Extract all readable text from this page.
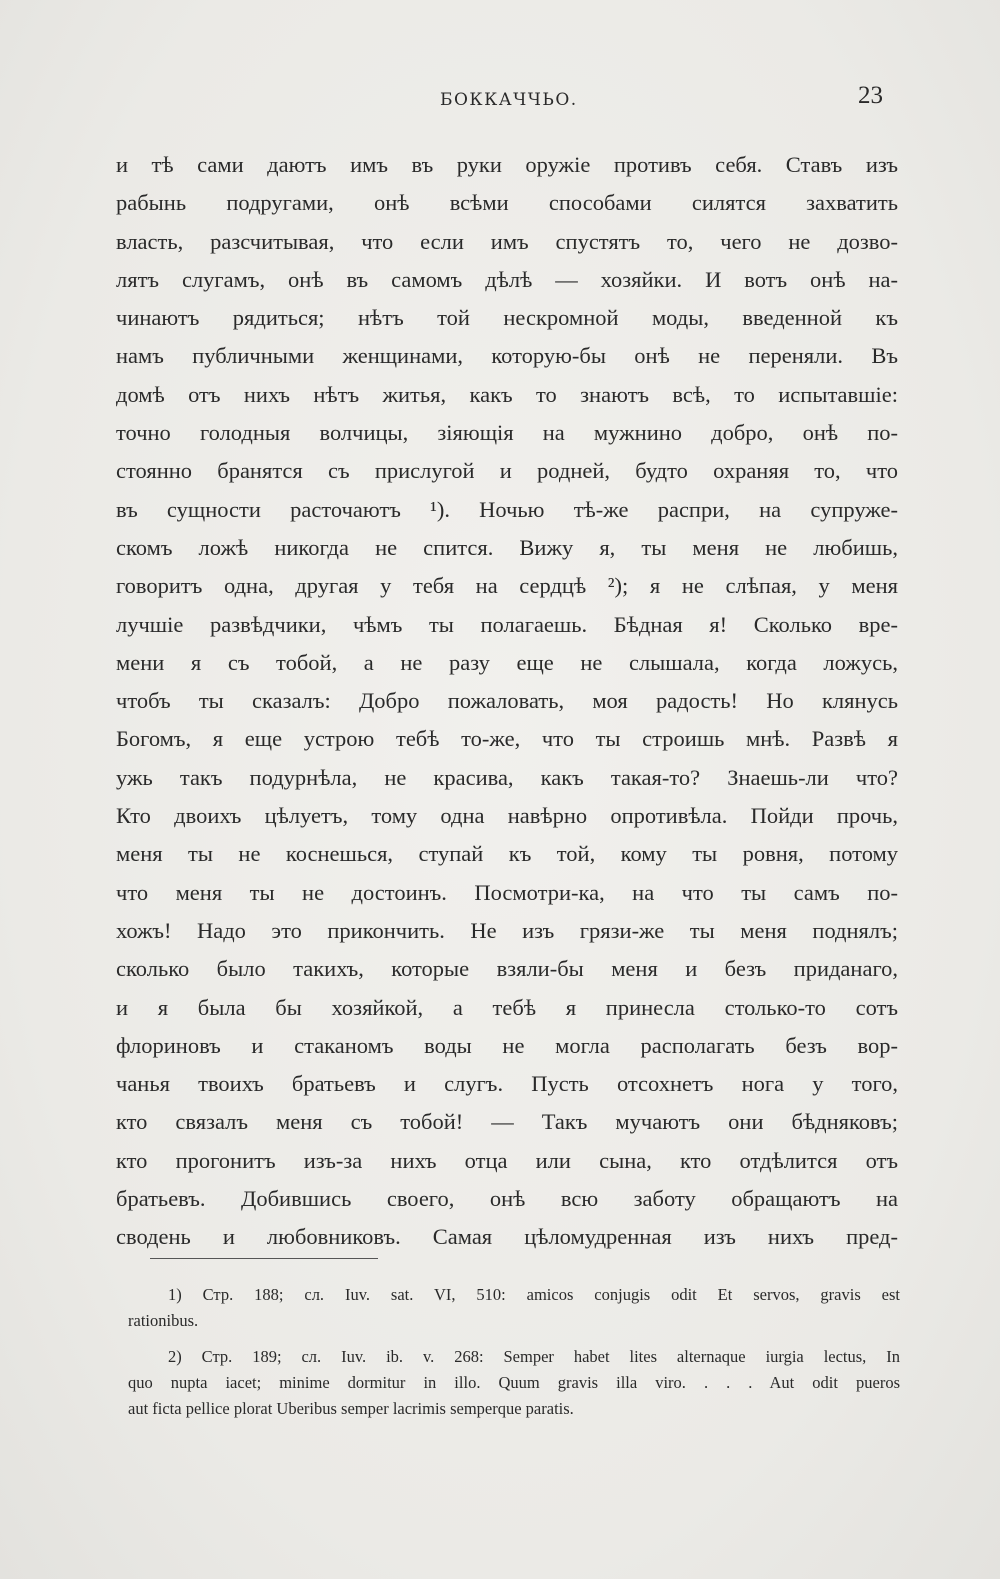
БОККАЧЧЬО.	23
и тѣ сами даютъ имъ въ руки оружіе противъ себя. Ставъ изъ
рабынь подругами, онѣ всѣми способами силятся захватить
власть, разсчитывая, что если имъ спустятъ то, чего не дозво-
лятъ слугамъ, онѣ въ самомъ дѣлѣ — хозяйки. И вотъ онѣ на-
чинаютъ рядиться; нѣтъ той нескромной моды, введенной къ
намъ публичными женщинами, которую-бы онѣ не переняли. Въ
домѣ отъ нихъ нѣтъ житья, какъ то знаютъ всѣ, то испытавшіе:
точно голодныя волчицы, зіяющія на мужнино добро, онѣ по-
стоянно бранятся съ прислугой и родней, будто охраняя то, что
въ сущности расточаютъ ¹). Ночью тѣ-же распри, на супруже-
скомъ ложѣ никогда не спится. Вижу я, ты меня не любишь,
говоритъ одна, другая у тебя на сердцѣ ²); я не слѣпая, у меня
лучшіе развѣдчики, чѣмъ ты полагаешь. Бѣдная я! Сколько вре-
мени я съ тобой, а не разу еще не слышала, когда ложусь,
чтобъ ты сказалъ: Добро пожаловать, моя радость! Но клянусь
Богомъ, я еще устрою тебѣ то-же, что ты строишь мнѣ. Развѣ я
ужь такъ подурнѣла, не красива, какъ такая-то? Знаешь-ли что?
Кто двоихъ цѣлуетъ, тому одна навѣрно опротивѣла. Пойди прочь,
меня ты не коснешься, ступай къ той, кому ты ровня, потому
что меня ты не достоинъ. Посмотри-ка, на что ты самъ по-
хожъ! Надо это прикончить. Не изъ грязи-же ты меня поднялъ;
сколько было такихъ, которые взяли-бы меня и безъ приданаго,
и я была бы хозяйкой, а тебѣ я принесла столько-то сотъ
флориновъ и стаканомъ воды не могла располагать безъ вор-
чанья твоихъ братьевъ и слугъ. Пусть отсохнетъ нога у того,
кто связалъ меня съ тобой! — Такъ мучаютъ они бѣдняковъ;
кто прогонитъ изъ-за нихъ отца или сына, кто отдѣлится отъ
братьевъ. Добившись своего, онѣ всю заботу обращаютъ на
сводень и любовниковъ. Самая цѣломудренная изъ нихъ пред-
1) Стр. 188; сл. Iuv. sat. VI, 510: amicos conjugis odit Et servos, gravis est
rationibus.
2) Стр. 189; сл. Iuv. ib. v. 268: Semper habet lites alternaque iurgia lectus, In
quo nupta iacet; minime dormitur in illo. Quum gravis illa viro. . . . Aut odit pueros
aut ficta pellice plorat Uberibus semper lacrimis semperque paratis.
